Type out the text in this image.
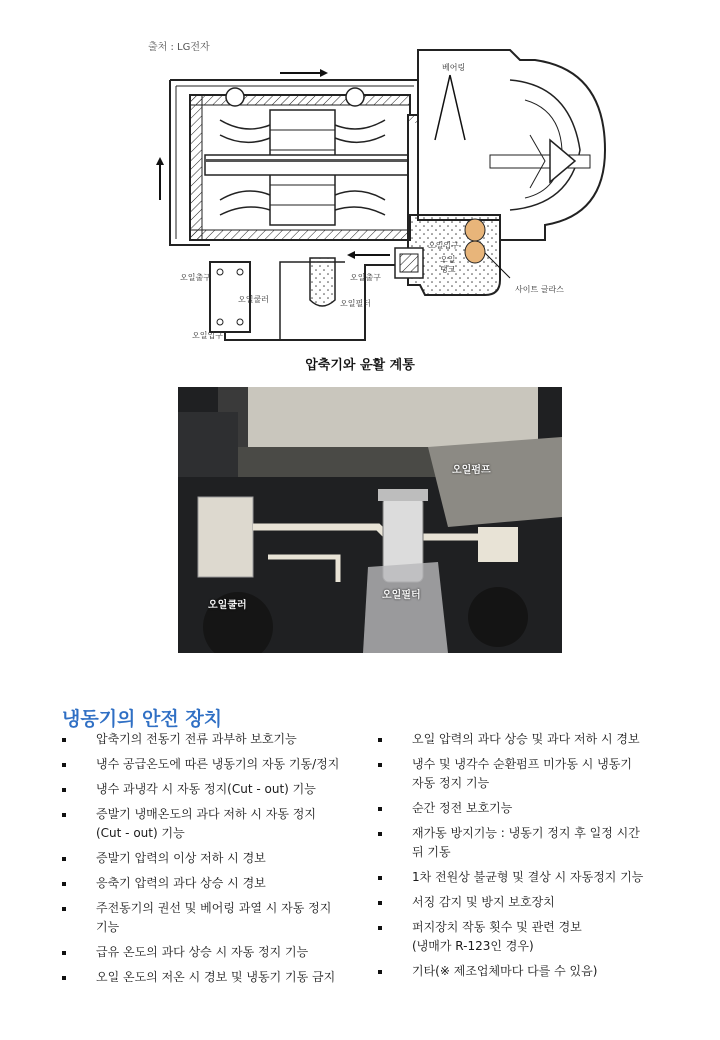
출처 : LG전자
베어링
오일입구
오일
탱크
오일출구
오일필터
오일출구
오일쿨러
오일입구
사이트 글라스
압축기와 윤활 계통
오일펌프
오일쿨러
오일필터
냉동기의 안전 장치
압축기의 전동기 전류 과부하 보호기능
냉수 공급온도에 따른 냉동기의 자동 기동/정지
냉수 과냉각 시 자동 정지(Cut - out) 기능
증발기 냉매온도의 과다 저하 시 자동 정지
(Cut - out) 기능
증발기 압력의 이상 저하 시 경보
응축기 압력의 과다 상승 시 경보
주전동기의 권선 및 베어링 과열 시 자동 정지
기능
급유 온도의 과다 상승 시 자동 정지 기능
오일 온도의 저온 시 경보 및 냉동기 기동 금지
오일 압력의 과다 상승 및 과다 저하 시 경보
냉수 및 냉각수 순환펌프 미가동 시 냉동기
자동 정지 기능
순간 정전 보호기능
재가동 방지기능 : 냉동기 정지 후 일정 시간
뒤 기동
1차 전원상 불균형 및 결상 시 자동정지 기능
서징 감지 및 방지 보호장치
퍼지장치 작동 횟수 및 관련 경보
(냉매가 R-123인 경우)
기타(※ 제조업체마다 다를 수 있음)
